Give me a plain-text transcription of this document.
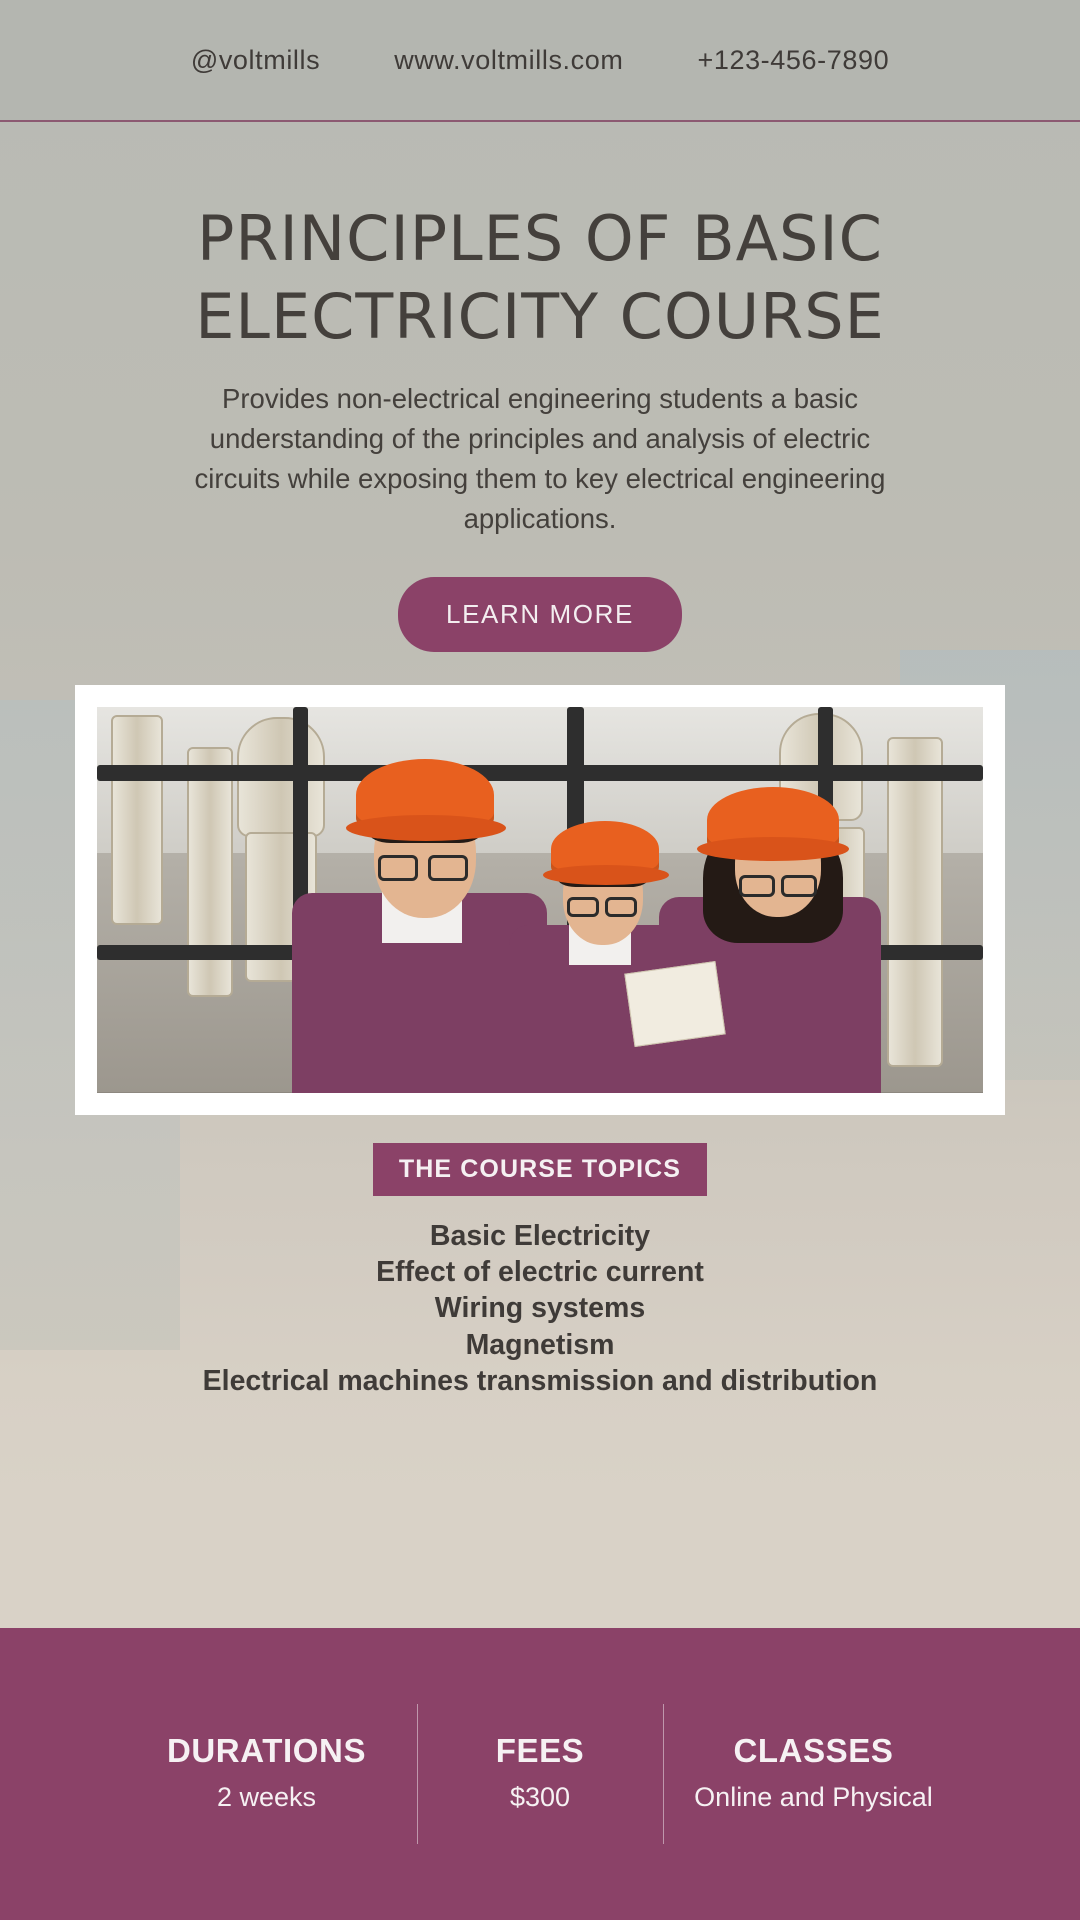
@voltmills	www.voltmills.com	+123-456-7890
PRINCIPLES OF BASIC ELECTRICITY COURSE

Provides non-electrical engineering students a basic understanding of the principles and analysis of electric circuits while exposing them to key electrical engineering applications.

LEARN MORE
THE COURSE TOPICS
Basic Electricity
Effect of electric current
Wiring systems
Magnetism
Electrical machines transmission and distribution
DURATIONS

2 weeks

FEES

$300

CLASSES

Online and Physical
